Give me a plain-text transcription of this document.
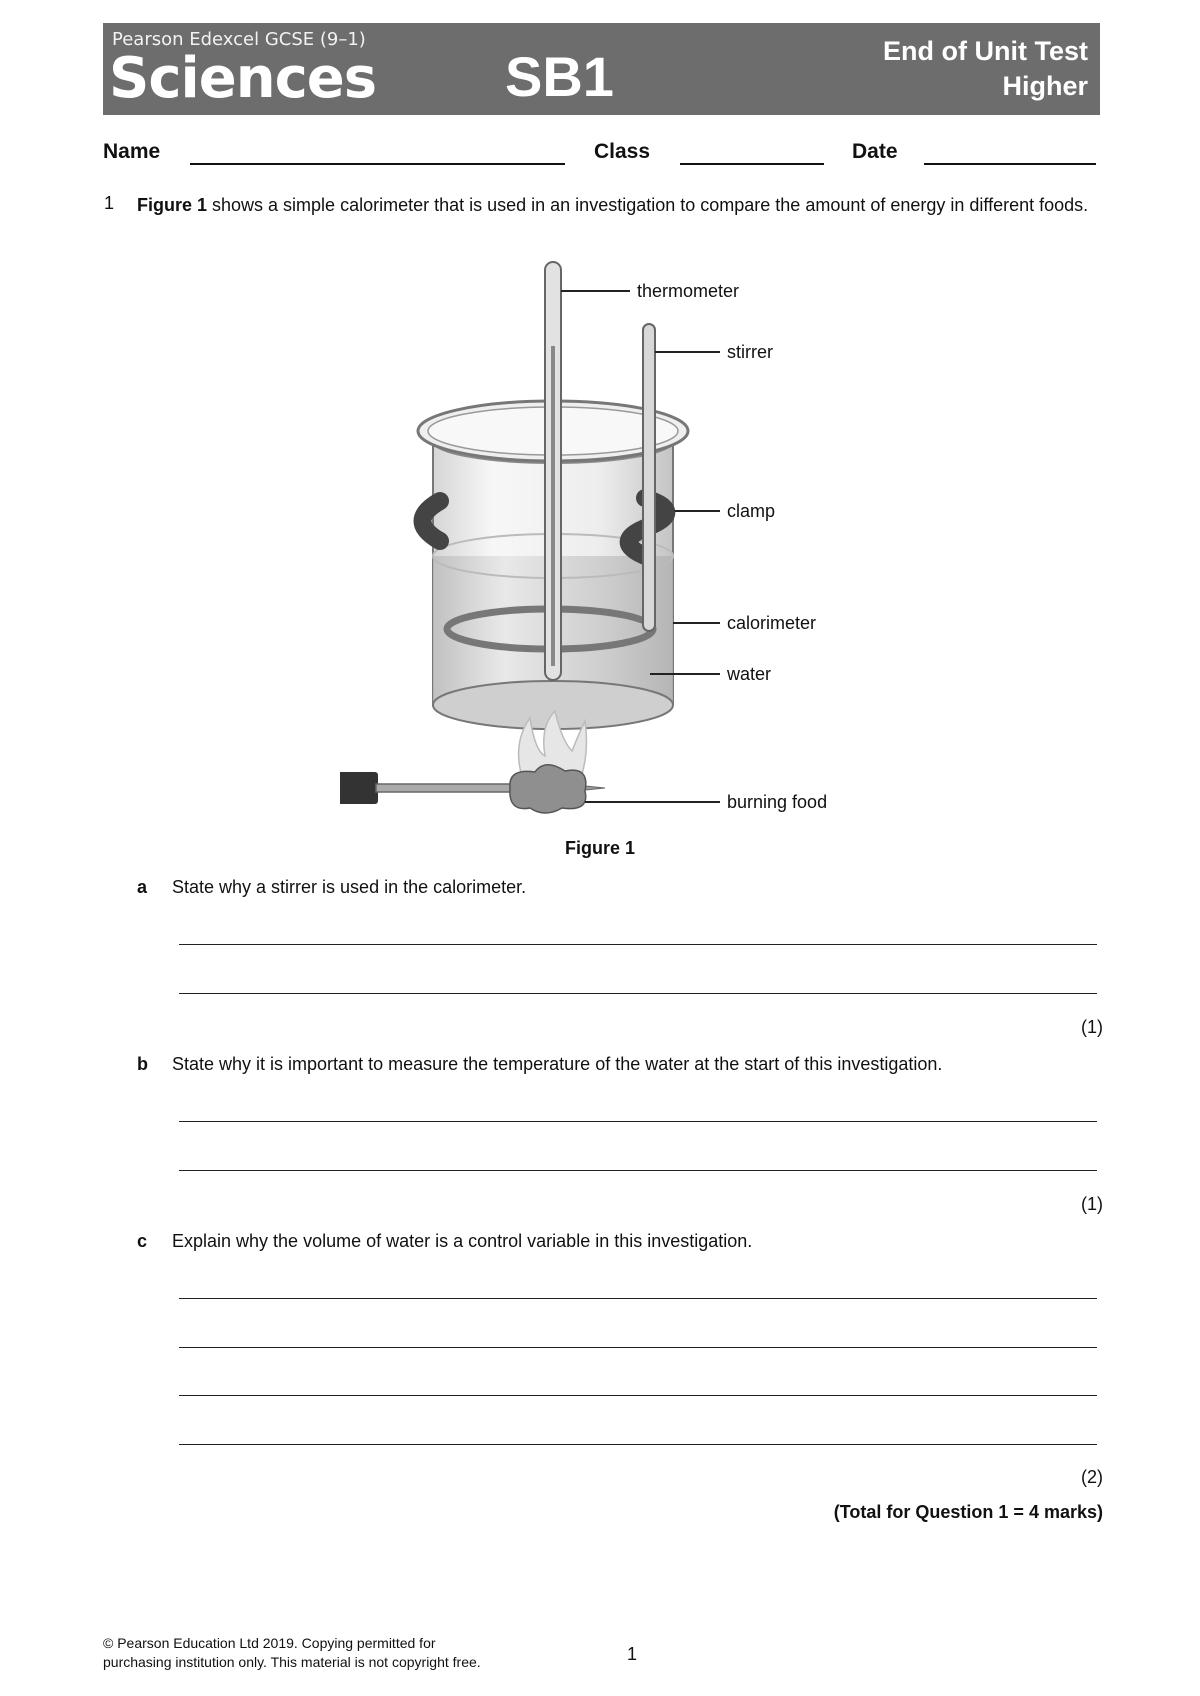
Pearson Edexcel GCSE (9–1)
Sciences SB1	End of Unit Test
Higher
Name	Class	Date
1 Figure 1 shows a simple calorimeter that is used in an investigation to compare the amount of energy in different foods.
thermometer
stirrer
clamp
calorimeter
water
burning food
Figure 1
a State why a stirrer is used in the calorimeter.
(1)
b State why it is important to measure the temperature of the water at the start of this investigation.
(1)
c Explain why the volume of water is a control variable in this investigation.
(2)
(Total for Question 1 = 4 marks)
© Pearson Education Ltd 2019. Copying permitted for
purchasing institution only. This material is not copyright free.	1
